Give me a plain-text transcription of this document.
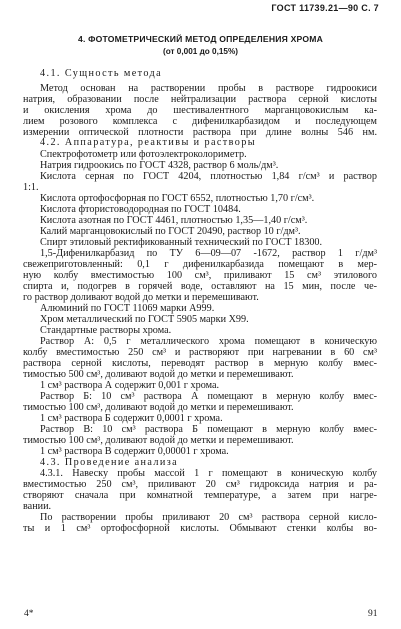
ГОСТ 11739.21—90 С. 7
4. ФОТОМЕТРИЧЕСКИЙ МЕТОД ОПРЕДЕЛЕНИЯ ХРОМА
(от 0,001 до 0,15%)
4.1. Сущность метода
Метод основан на растворении пробы в растворе гидроокиси
натрия, образовании после нейтрализации раствора серной кислоты
и окисления хрома до шестивалентного марганцовокислым ка-
лием розового комплекса с дифенилкарбазидом и последующем
измерении оптической плотности раствора при длине волны 546 нм.
4.2. Аппаратура, реактивы и растворы
Спектрофотометр или фотоэлектроколориметр.
Натрия гидроокись по ГОСТ 4328, раствор 6 моль/дм³.
Кислота серная по ГОСТ 4204, плотностью 1,84 г/см³ и раствор
1:1.
Кислота ортофосфорная по ГОСТ 6552, плотностью 1,70 г/см³.
Кислота фтористоводородная по ГОСТ 10484.
Кислота азотная по ГОСТ 4461, плотностью 1,35—1,40 г/см³.
Калий марганцовокислый по ГОСТ 20490, раствор 10 г/дм³.
Спирт этиловый ректификованный технический по ГОСТ 18300.
1,5-Дифенилкарбазид по ТУ 6—09—07 -1672, раствор 1 г/дм³
свежеприготовленный: 0,1 г дифенилкарбазида помещают в мер-
ную колбу вместимостью 100 см³, приливают 15 см³ этилового
спирта и, подогрев в горячей воде, оставляют на 15 мин, после че-
го раствор доливают водой до метки и перемешивают.
Алюминий по ГОСТ 11069 марки А999.
Хром металлический по ГОСТ 5905 марки Х99.
Стандартные растворы хрома.
Раствор А: 0,5 г металлического хрома помещают в коническую
колбу вместимостью 250 см³ и растворяют при нагревании в 60 см³
раствора серной кислоты, переводят раствор в мерную колбу вмес-
тимостью 500 см³, доливают водой до метки и перемешивают.
1 см³ раствора А содержит 0,001 г хрома.
Раствор Б: 10 см³ раствора А помещают в мерную колбу вмес-
тимостью 100 см³, доливают водой до метки и перемешивают.
1 см³ раствора Б содержит 0,0001 г хрома.
Раствор В: 10 см³ раствора Б помещают в мерную колбу вмес-
тимостью 100 см³, доливают водой до метки и перемешивают.
1 см³ раствора В содержит 0,00001 г хрома.
4.3. Проведение анализа
4.3.1. Навеску пробы массой 1 г помещают в коническую колбу
вместимостью 250 см³, приливают 20 см³ гидроксида натрия и ра-
створяют сначала при комнатной температуре, а затем при нагре-
вании.
По растворении пробы приливают 20 см³ раствора серной кисло-
ты и 1 см³ ортофосфорной кислоты. Обмывают стенки колбы во-
4*	91
